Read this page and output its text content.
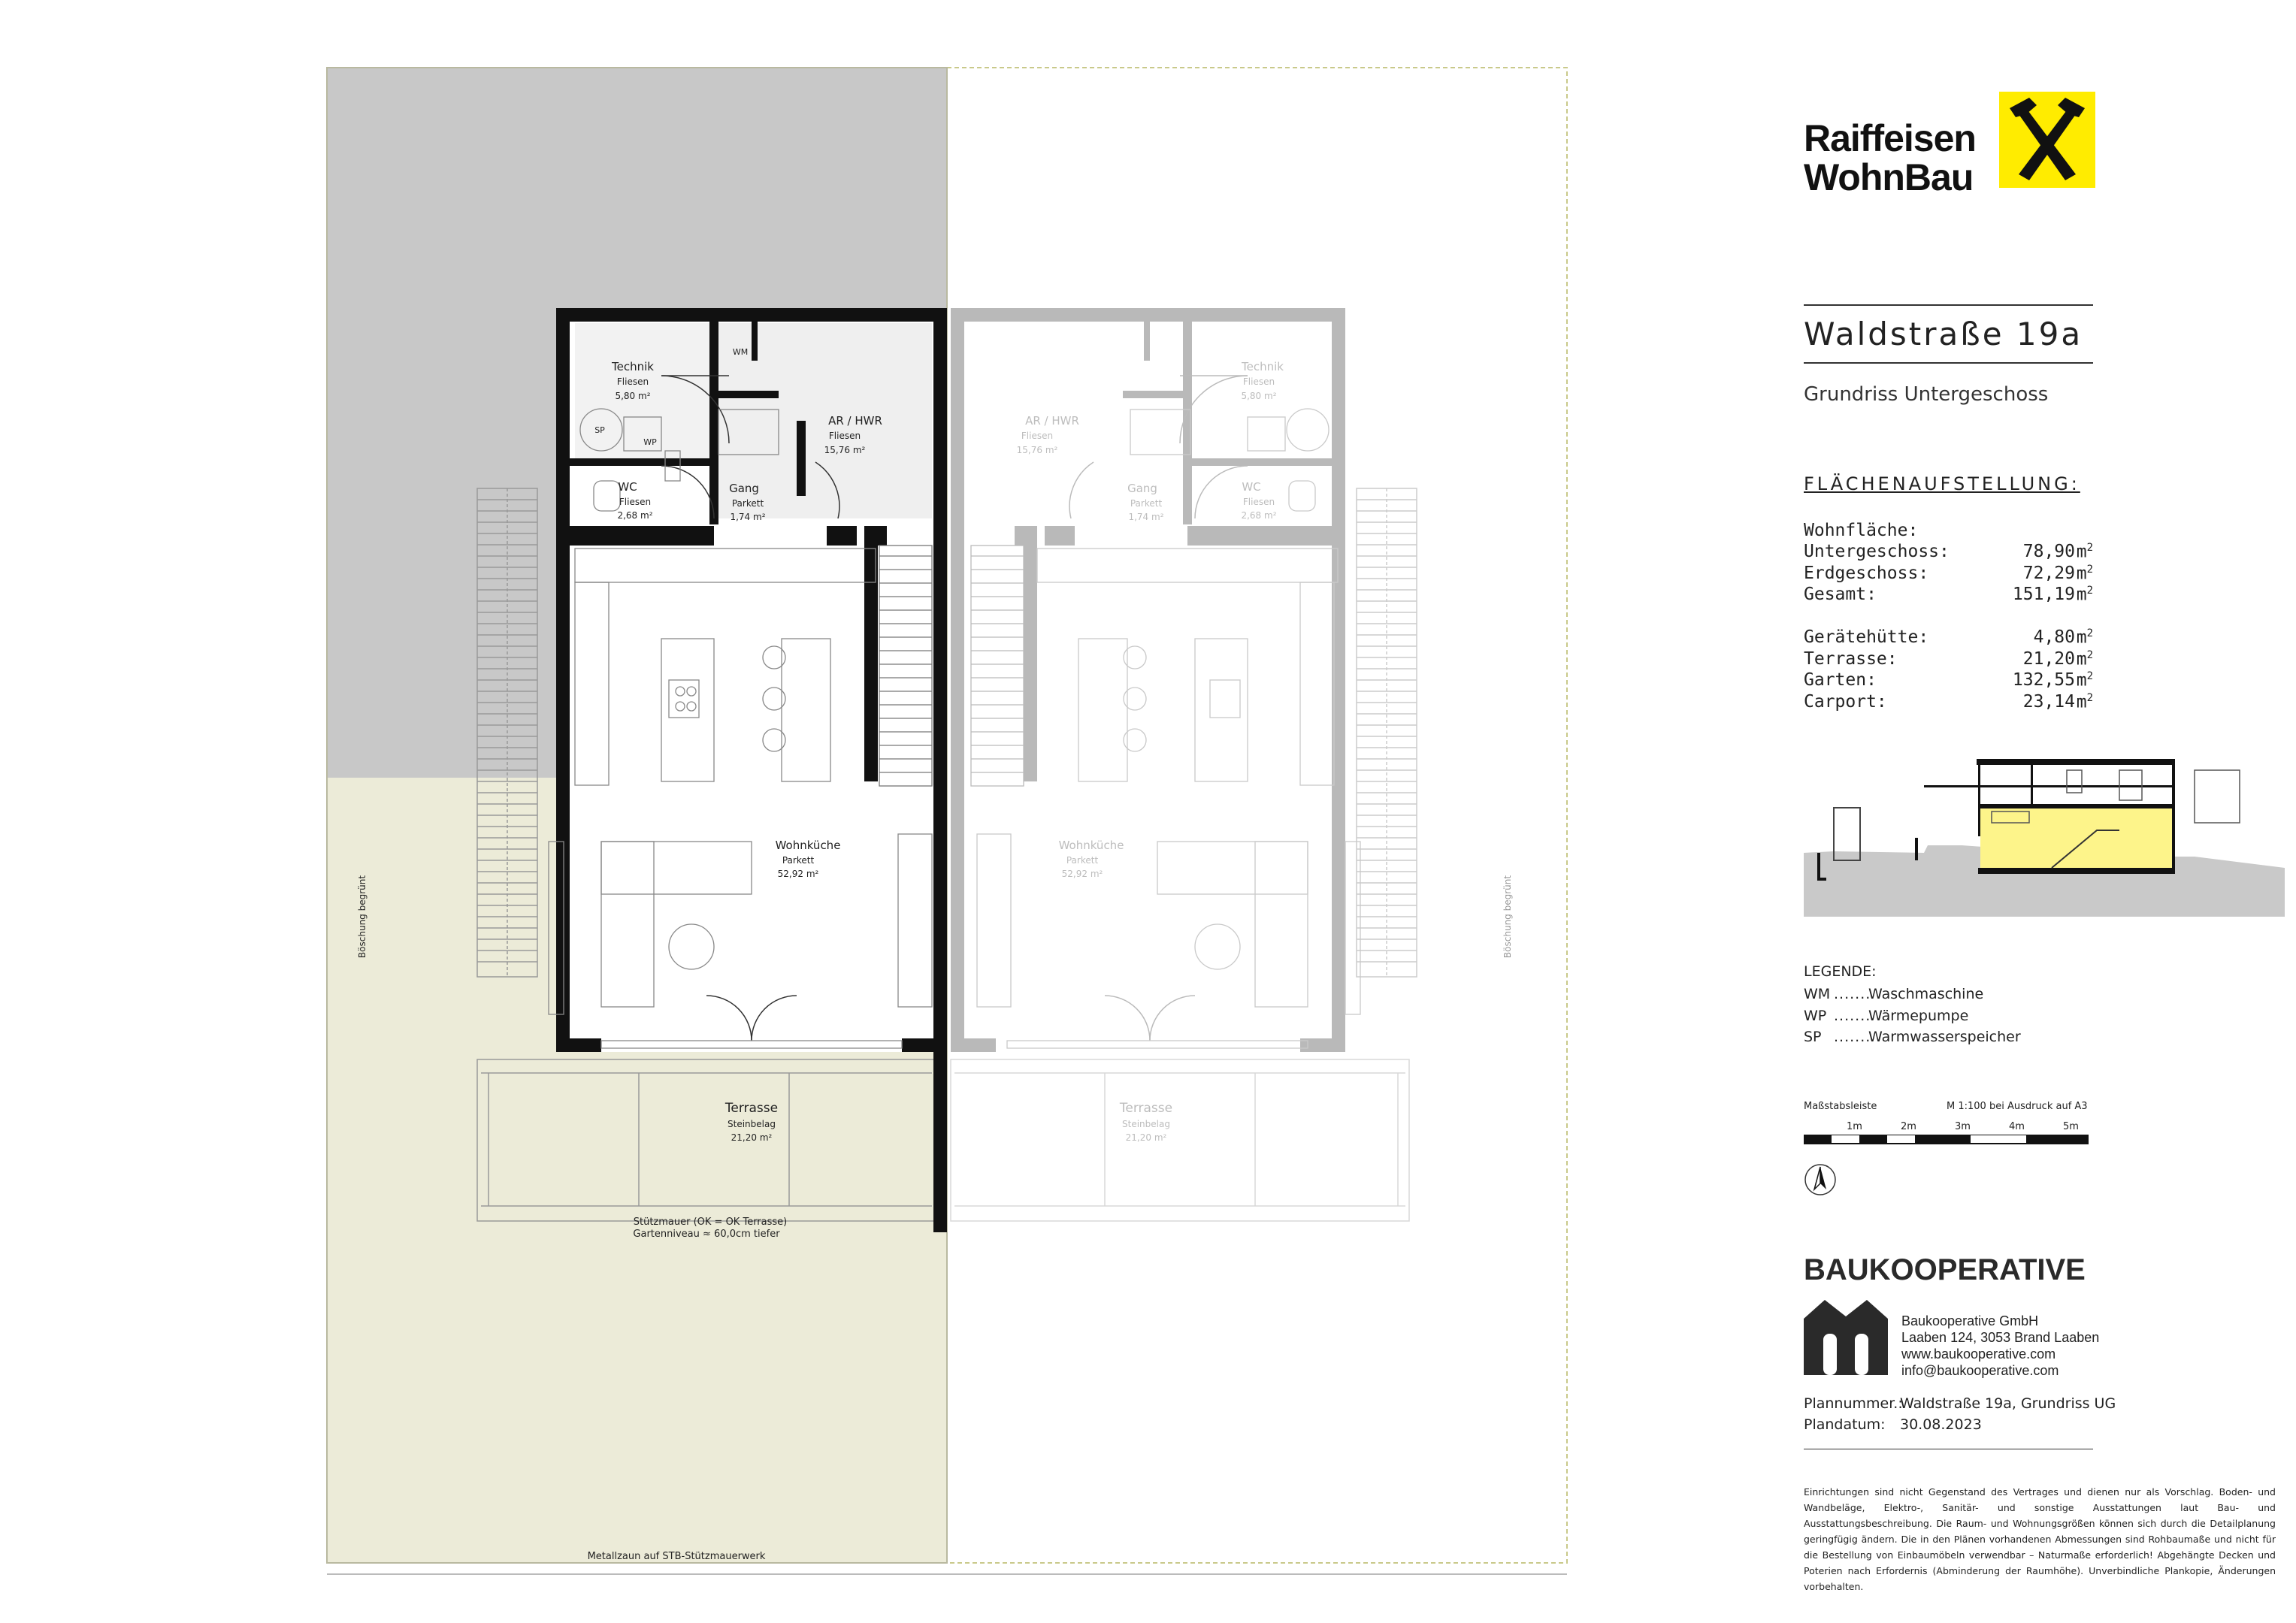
Technik
Fliesen
5,80 m²
AR / HWR
Fliesen
15,76 m²
WC
Fliesen
2,68 m²
Gang
Parkett
1,74 m²
Wohnküche
Parkett
52,92 m²
Terrasse
Steinbelag
21,20 m²
WM
WP
SP
Stützmauer (OK = OK Terrasse)
Gartenniveau ≈ 60,0cm tiefer
Metallzaun auf STB-Stützmauerwerk
Böschung begrünt	Böschung begrünt
AR / HWR
Fliesen
15,76 m²
Technik
Fliesen
5,80 m²
Gang
Parkett
1,74 m²
WC
Fliesen
2,68 m²
Wohnküche
Parkett
52,92 m²
Terrasse
Steinbelag
21,20 m²
Raiffeisen
WohnBau
Waldstraße 19a
Grundriss Untergeschoss
FLÄCHENAUFSTELLUNG:
Wohnfläche:
Untergeschoss:	78,90 $m^2$
Erdgeschoss:	72,29 $m^2$
Gesamt:	151,19 $m^2$
Gerätehütte:	4,80 $m^2$
Terrasse:	21,20 $m^2$
Garten:	132,55 $m^2$
Carport:	23,14 $m^2$
LEGENDE:
WM ....... Waschmaschine
WP ....... Wärmepumpe
SP ....... Warmwasserspeicher
Maßstabsleiste	M 1:100 bei Ausdruck auf A3
1m	2m	3m	4m	5m
BAUKOOPERATIVE
Baukooperative GmbH
Laaben 124, 3053 Brand Laaben
www.baukooperative.com
info@baukooperative.com
Plannummer.:Waldstraße 19a, Grundriss UG
Plandatum: 30.08.2023
Einrichtungen sind nicht Gegenstand des Vertrages und dienen nur als Vorschlag. Boden- und Wandbeläge, Elektro-, Sanitär- und sonstige Ausstattungen laut Bau- und Ausstattungsbeschreibung. Die Raum- und Wohnungsgrößen können sich durch die Detailplanung geringfügig ändern. Die in den Plänen vorhandenen Abmessungen sind Rohbaumaße und nicht für die Bestellung von Einbaumöbeln verwendbar – Naturmaße erforderlich! Abgehängte Decken und Poterien nach Erfordernis (Abminderung der Raumhöhe). Unverbindliche Plankopie, Änderungen vorbehalten.
